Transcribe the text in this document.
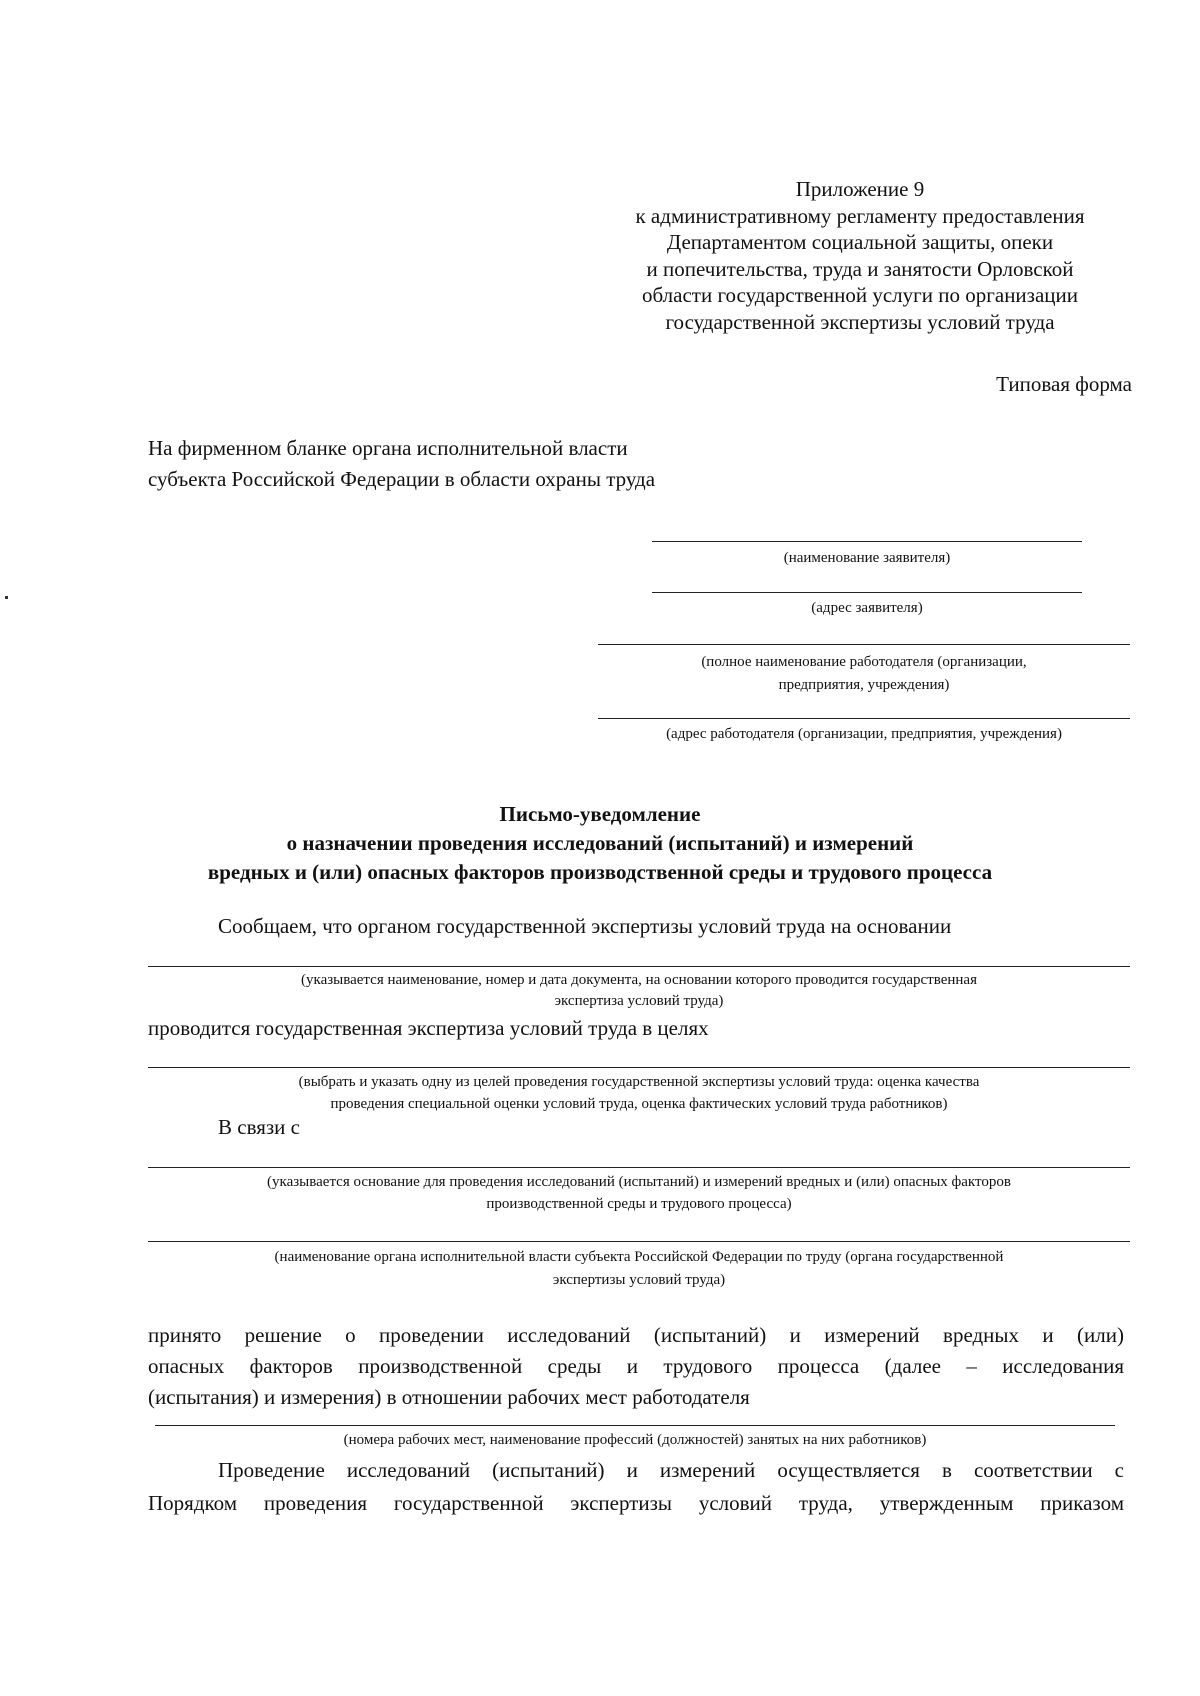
Приложение 9
к административному регламенту предоставления
Департаментом социальной защиты, опеки
и попечительства, труда и занятости Орловской
области государственной услуги по организации
государственной экспертизы условий труда
Типовая форма
На фирменном бланке органа исполнительной власти
субъекта Российской Федерации в области охраны труда
(наименование заявителя)
(адрес заявителя)
(полное наименование работодателя (организации,
предприятия, учреждения)
(адрес работодателя (организации, предприятия, учреждения)
Письмо-уведомление
о назначении проведения исследований (испытаний) и измерений
вредных и (или) опасных факторов производственной среды и трудового процесса
Сообщаем, что органом государственной экспертизы условий труда на основании
(указывается наименование, номер и дата документа, на основании которого проводится государственная
экспертиза условий труда)
проводится государственная экспертиза условий труда в целях
(выбрать и указать одну из целей проведения государственной экспертизы условий труда: оценка качества
проведения специальной оценки условий труда, оценка фактических условий труда работников)
В связи с
(указывается основание для проведения исследований (испытаний) и измерений вредных и (или) опасных факторов
производственной среды и трудового процесса)
(наименование органа исполнительной власти субъекта Российской Федерации по труду (органа государственной
экспертизы условий труда)
принято решение о проведении исследований (испытаний) и измерений вредных и (или)
опасных факторов производственной среды и трудового процесса (далее – исследования
(испытания) и измерения) в отношении рабочих мест работодателя
(номера рабочих мест, наименование профессий (должностей) занятых на них работников)
Проведение исследований (испытаний) и измерений осуществляется в соответствии с
Порядком проведения государственной экспертизы условий труда, утвержденным приказом
